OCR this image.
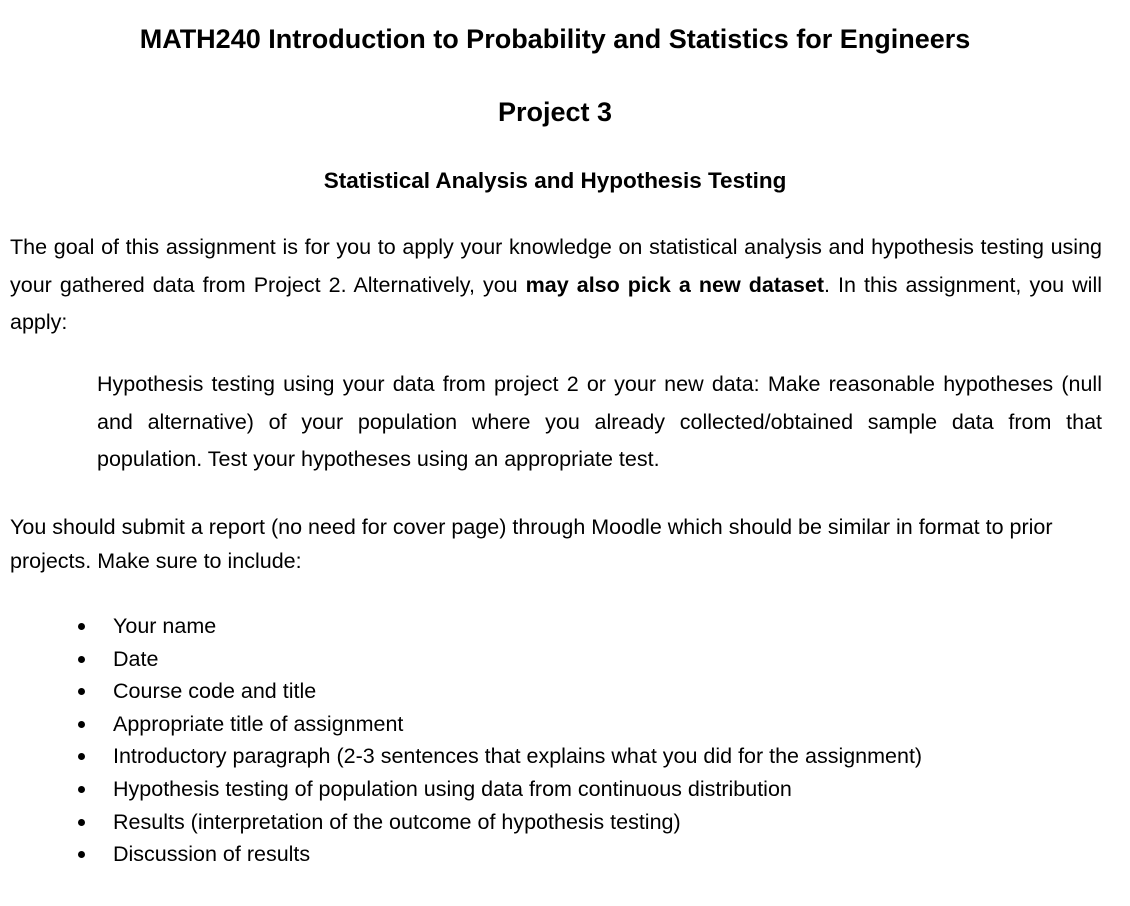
MATH240 Introduction to Probability and Statistics for Engineers
Project 3
Statistical Analysis and Hypothesis Testing

The goal of this assignment is for you to apply your knowledge on statistical analysis and hypothesis testing using your gathered data from Project 2. Alternatively, you may also pick a new dataset. In this assignment, you will apply:

Hypothesis testing using your data from project 2 or your new data: Make reasonable hypotheses (null and alternative) of your population where you already collected/obtained sample data from that population. Test your hypotheses using an appropriate test.

You should submit a report (no need for cover page) through Moodle which should be similar in format to prior projects. Make sure to include:

Your name
Date
Course code and title
Appropriate title of assignment
Introductory paragraph (2-3 sentences that explains what you did for the assignment)
Hypothesis testing of population using data from continuous distribution
Results (interpretation of the outcome of hypothesis testing)
Discussion of results
